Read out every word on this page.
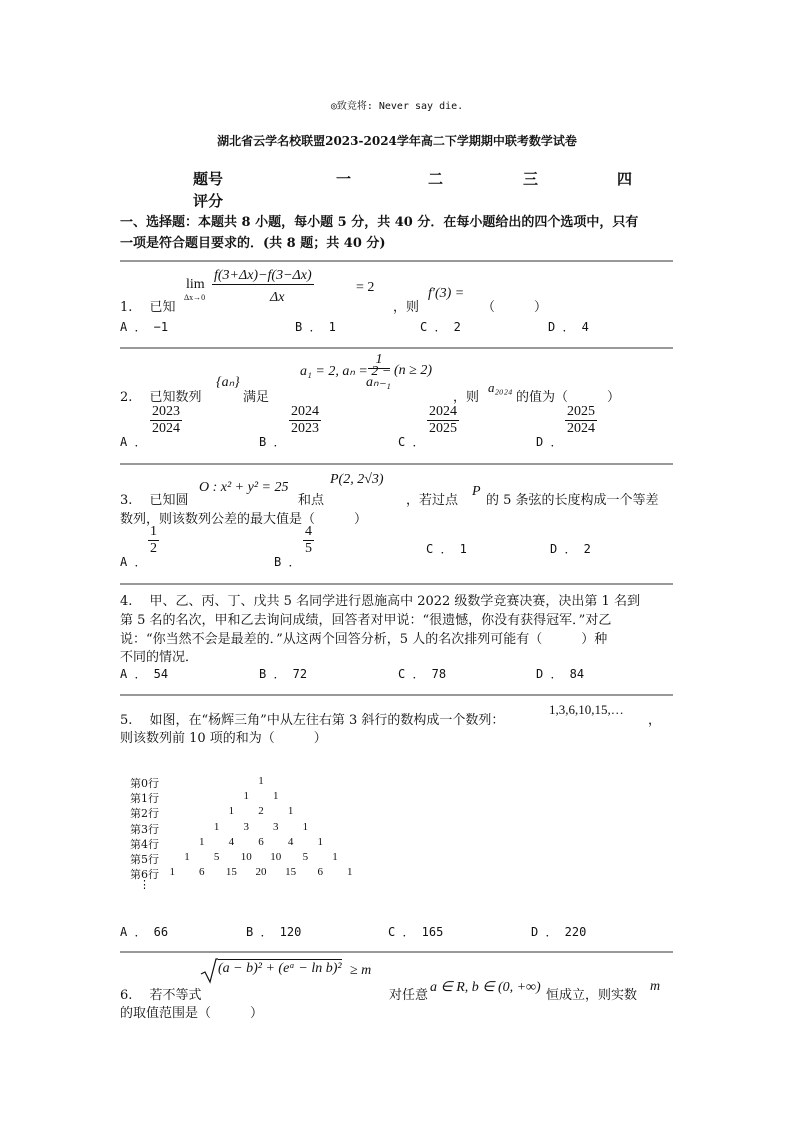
◎致竞将: Never say die.
湖北省云学名校联盟2023-2024学年高二下学期期中联考数学试卷
题号	一	二	三	四
评分
一、选择题：本题共 8 小题，每小题 5 分，共 40 分．在每小题给出的四个选项中，只有
一项是符合题目要求的．(共 8 题；共 40 分)
1.　 已知
lim
Δx→0
f(3+Δx)−f(3−Δx)
Δx
= 2
，则
f′(3) =
（　　　）
A ． −1	B ． 1	C ． 2	D ． 4
2.　 已知数列
{aₙ}
满足
a₁ = 2, aₙ = 2 −
1
aₙ₋₁
(n ≥ 2)
，则
a₂₀₂₄
的值为（　　　）
A ．
$\frac{2023}{2024}$
B ．
$\frac{2024}{2023}$
C ．
$\frac{2024}{2025}$
D ．
$\frac{2025}{2024}$
3.　 已知圆
O : x² + y² = 25
和点
P(2, 2√3)
，若过点
P
的 5 条弦的长度构成一个等差
数列，则该数列公差的最大值是（　　　）
A ．
$\frac{1}{2}$
B ．
$\frac{4}{5}$	C ． 1	D ． 2
4.　 甲、乙、丙、丁、戊共 5 名同学进行恩施高中 2022 级数学竞赛决赛，决出第 1 名到
第 5 名的名次，甲和乙去询问成绩，回答者对甲说：“很遗憾，你没有获得冠军．”对乙
说：“你当然不会是最差的．”从这两个回答分析，5 人的名次排列可能有（　　　）种
不同的情况．
A ． 54	B ． 72	C ． 78	D ． 84
5.　 如图，在“杨辉三角”中从左往右第 3 斜行的数构成一个数列：
1,3,6,10,15,…
，
则该数列前 10 项的和为（　　　）
第0行	1
第1行	1	1
第2行	1	2	1
第3行	1	3	3	1
第4行	1	4	6	4	1
第5行	1	5	10 10	5	1
第6行 1	6	15 20 15	6	1
⋮
A ． 66	B ． 120	C ． 165	D ． 220
6.　 若不等式
(a − b)² + (eᵃ − ln b)² ≥ m
对任意
a ∈ R, b ∈ (0, +∞)
恒成立，则实数
m
的取值范围是（　　　）
